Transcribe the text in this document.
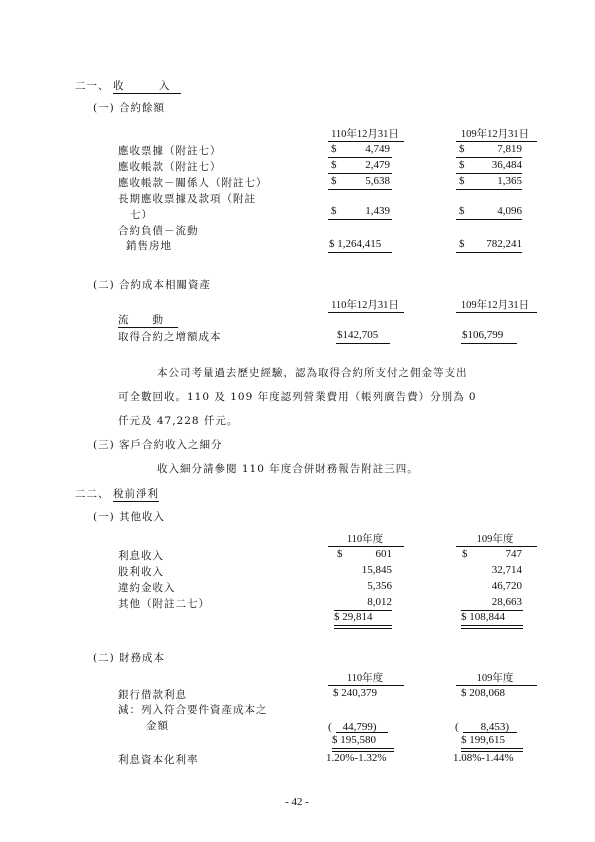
二一、 收　　　入
(一) 合約餘額
110年12月31日	109年12月31日
應收票據（附註七）	$	4,749	$	7,819
應收帳款（附註七）	$	2,479	$	36,484
應收帳款－關係人（附註七）	$	5,638	$	1,365
長期應收票據及款項（附註
七）	$	1,439	$	4,096
合約負債－流動
銷售房地	$ 1,264,415	$	782,241
(二) 合約成本相關資產
110年12月31日	109年12月31日
流　　動
取得合約之增額成本	$142,705	$106,799
本公司考量過去歷史經驗，認為取得合約所支付之佣金等支出
可全數回收。110 及 109 年度認列營業費用（帳列廣告費）分別為 0
仟元及 47,228 仟元。
(三) 客戶合約收入之細分
收入細分請參閱 110 年度合併財務報告附註三四。
二二、 稅前淨利
(一) 其他收入
110年度	109年度
利息收入	$	601	$	747
股利收入	15,845	32,714
違約金收入	5,356	46,720
其他（附註二七）	8,012	28,663
$ 29,814	$ 108,844
(二) 財務成本
110年度	109年度
銀行借款利息	$ 240,379	$ 208,068
減：列入符合要件資產成本之
金額	(　44,799)	(　　8,453)
$ 195,580	$ 199,615
利息資本化利率	1.20%-1.32%	1.08%-1.44%
- 42 -
